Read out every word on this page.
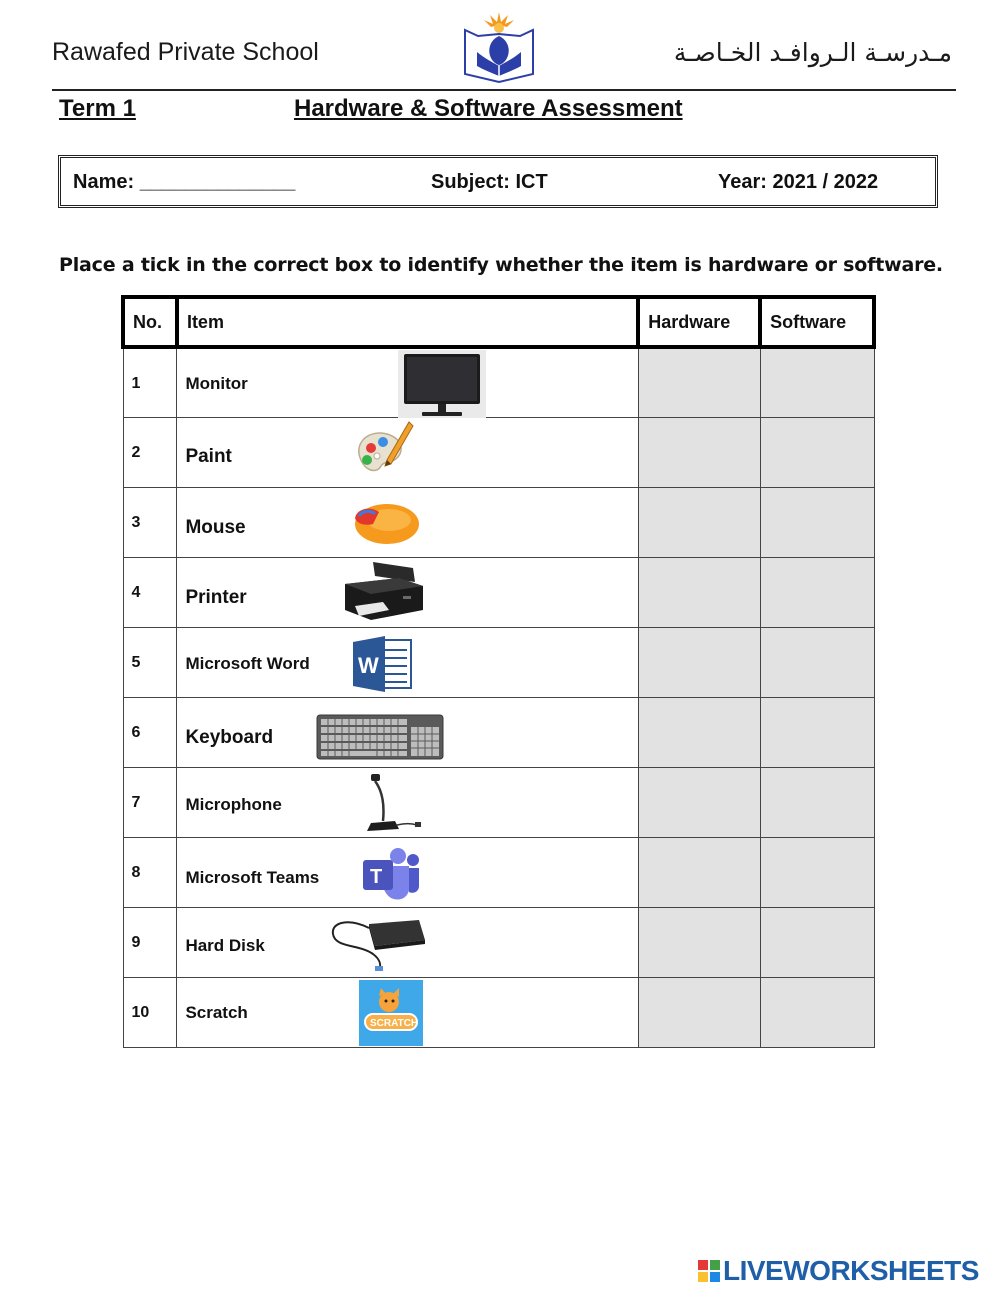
Rawafed Private School	مـدرسـة الـروافـد الخـاصـة
Term 1	Hardware & Software Assessment
Name: ______________	Subject: ICT	Year: 2021 / 2022
Place a tick in the correct box to identify whether the item is hardware or software.
No.	Item	Hardware	Software
1	Monitor		

2	Paint		

3	Mouse		

4	Printer		

5	Microsoft Word W		

6	Keyboard		

7	Microphone		

8	Microsoft Teams T		

9	Hard Disk		

10	Scratch
SCRATCH		

LIVEWORKSHEETS
